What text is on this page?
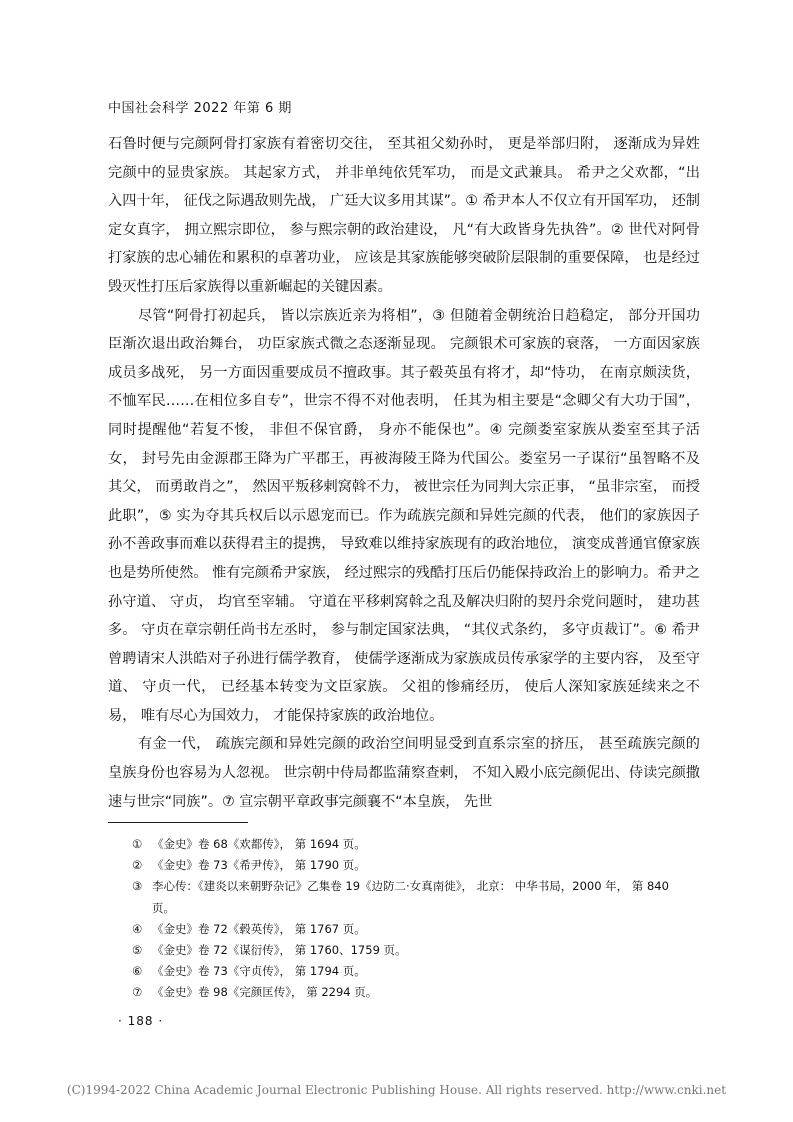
中国社会科学 2022 年第 6 期

石鲁时便与完颜阿骨打家族有着密切交往， 至其祖父劾孙时， 更是举部归附， 逐渐成为异姓完颜中的显贵家族。 其起家方式， 并非单纯依凭军功， 而是文武兼具。 希尹之父欢都，“出入四十年， 征伐之际遇敌则先战， 广廷大议多用其谋”。① 希尹本人不仅立有开国军功， 还制定女真字， 拥立熙宗即位， 参与熙宗朝的政治建设， 凡“有大政皆身先执咎”。② 世代对阿骨打家族的忠心辅佐和累积的卓著功业， 应该是其家族能够突破阶层限制的重要保障， 也是经过毁灭性打压后家族得以重新崛起的关键因素。

尽管“阿骨打初起兵， 皆以宗族近亲为将相”，③ 但随着金朝统治日趋稳定， 部分开国功臣渐次退出政治舞台， 功臣家族式微之态逐渐显现。 完颜银术可家族的衰落， 一方面因家族成员多战死， 另一方面因重要成员不擅政事。其子毂英虽有将才，却“恃功， 在南京颇渎货， 不恤军民……在相位多自专”，世宗不得不对他表明， 任其为相主要是“念卿父有大功于国”， 同时提醒他“若复不悛， 非但不保官爵， 身亦不能保也”。④ 完颜娄室家族从娄室至其子活女， 封号先由金源郡王降为广平郡王，再被海陵王降为代国公。娄室另一子谋衍“虽智略不及其父， 而勇敢肖之”， 然因平叛移剌窝斡不力， 被世宗任为同判大宗正事， “虽非宗室， 而授此职”，⑤ 实为夺其兵权后以示恩宠而已。作为疏族完颜和异姓完颜的代表， 他们的家族因子孙不善政事而难以获得君主的提携， 导致难以维持家族现有的政治地位， 演变成普通官僚家族也是势所使然。 惟有完颜希尹家族， 经过熙宗的残酷打压后仍能保持政治上的影响力。希尹之孙守道、 守贞， 均官至宰辅。 守道在平移剌窝斡之乱及解决归附的契丹余党问题时， 建功甚多。 守贞在章宗朝任尚书左丞时， 参与制定国家法典， “其仪式条约， 多守贞裁订”。⑥ 希尹曾聘请宋人洪皓对子孙进行儒学教育， 使儒学逐渐成为家族成员传承家学的主要内容， 及至守道、 守贞一代， 已经基本转变为文臣家族。 父祖的惨痛经历， 使后人深知家族延续来之不易， 唯有尽心为国效力， 才能保持家族的政治地位。

有金一代， 疏族完颜和异姓完颜的政治空间明显受到直系宗室的挤压， 甚至疏族完颜的皇族身份也容易为人忽视。 世宗朝中侍局都监蒲察查剌， 不知入殿小底完颜伲出、侍读完颜撒速与世宗“同族”。⑦ 宣宗朝平章政事完颜襄不“本皇族， 先世

① 《金史》卷 68《欢都传》， 第 1694 页。
② 《金史》卷 73《希尹传》， 第 1790 页。
③ 李心传：《建炎以来朝野杂记》乙集卷 19《边防二·女真南徙》， 北京： 中华书局，2000 年， 第 840 页。
④ 《金史》卷 72《毂英传》， 第 1767 页。
⑤ 《金史》卷 72《谋衍传》， 第 1760、1759 页。
⑥ 《金史》卷 73《守贞传》， 第 1794 页。
⑦ 《金史》卷 98《完颜匡传》， 第 2294 页。
· 188 ·
(C)1994-2022 China Academic Journal Electronic Publishing House. All rights reserved. http://www.cnki.net
